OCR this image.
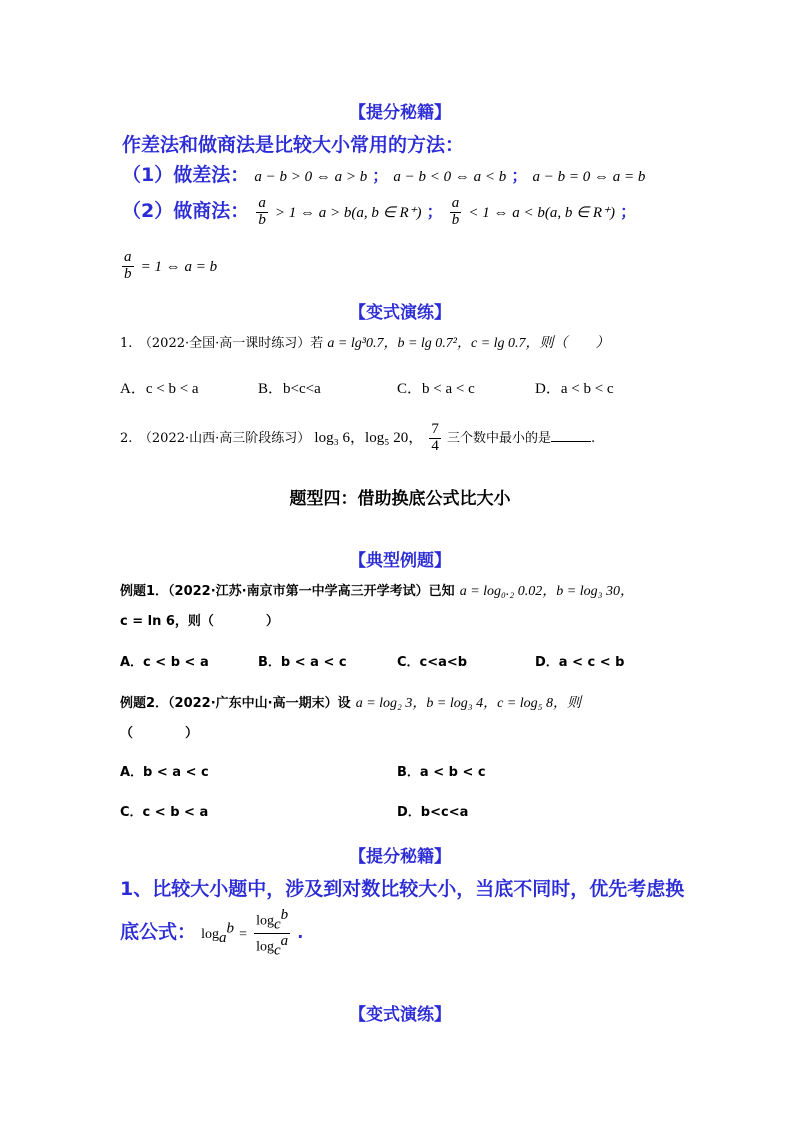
【提分秘籍】
作差法和做商法是比较大小常用的方法：
（1）做差法： a − b > 0 ⇔ a > b ； a − b < 0 ⇔ a < b ； a − b = 0 ⇔ a = b
（2）做商法： $\frac{a}{b} > 1$ ⇔ a > b(a, b ∈ R⁺) ； $\frac{a}{b} < 1$ ⇔ a < b(a, b ∈ R⁺) ；
$\frac{a}{b} = 1$ ⇔ a = b
【变式演练】
1.　（2022·全国·高一课时练习）若 a = lg³0.7，b = lg 0.7²，c = lg 0.7，则（　　）
A．c < b < a	B．b<c<a	C．b < a < c	D．a < b < c
2.　（2022·山西·高三阶段练习） log₃ 6，log₅ 20， $\frac{7}{4}$ 三个数中最小的是	.
题型四：借助换底公式比大小
【典型例题】
例题1．（2022·江苏·南京市第一中学高三开学考试）已知 a = log₀.₂ 0.02，b = log₃ 30，
c = ln 6，则（　　　　）
A．c < b < a	B．b < a < c	C．c<a<b	D．a < c < b
例题2．（2022·广东中山·高一期末）设 a = log₂ 3，b = log₃ 4，c = log₅ 8，则
（　　　　）
A．b < a < c	B．a < b < c
C．c < b < a	D．b<c<a
【提分秘籍】
1、比较大小题中，涉及到对数比较大小，当底不同时，优先考虑换
底公式： $\log_a^b = \frac{\log_c^b}{\log_c^a}$ .
【变式演练】
